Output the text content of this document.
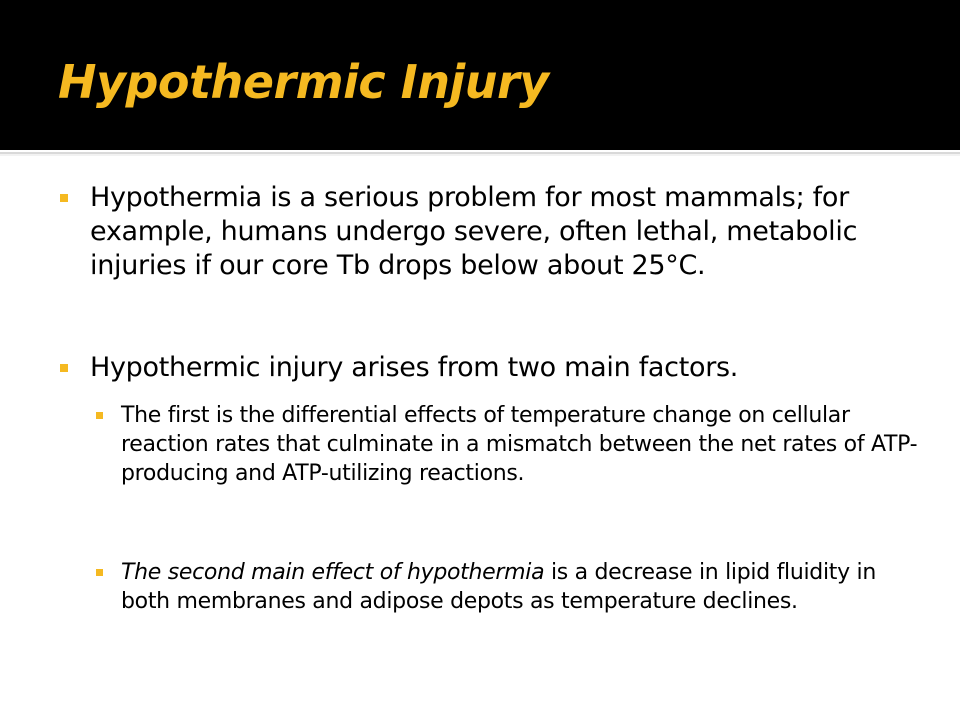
Hypothermic Injury
Hypothermia is a serious problem for most mammals; for example, humans undergo severe, often lethal, metabolic injuries if our core Tb drops below about 25°C.
Hypothermic injury arises from two main factors.
The first is the differential effects of temperature change on cellular reaction rates that culminate in a mismatch between the net rates of ATP-producing and ATP-utilizing reactions.
The second main effect of hypothermia is a decrease in lipid fluidity in both membranes and adipose depots as temperature declines.
